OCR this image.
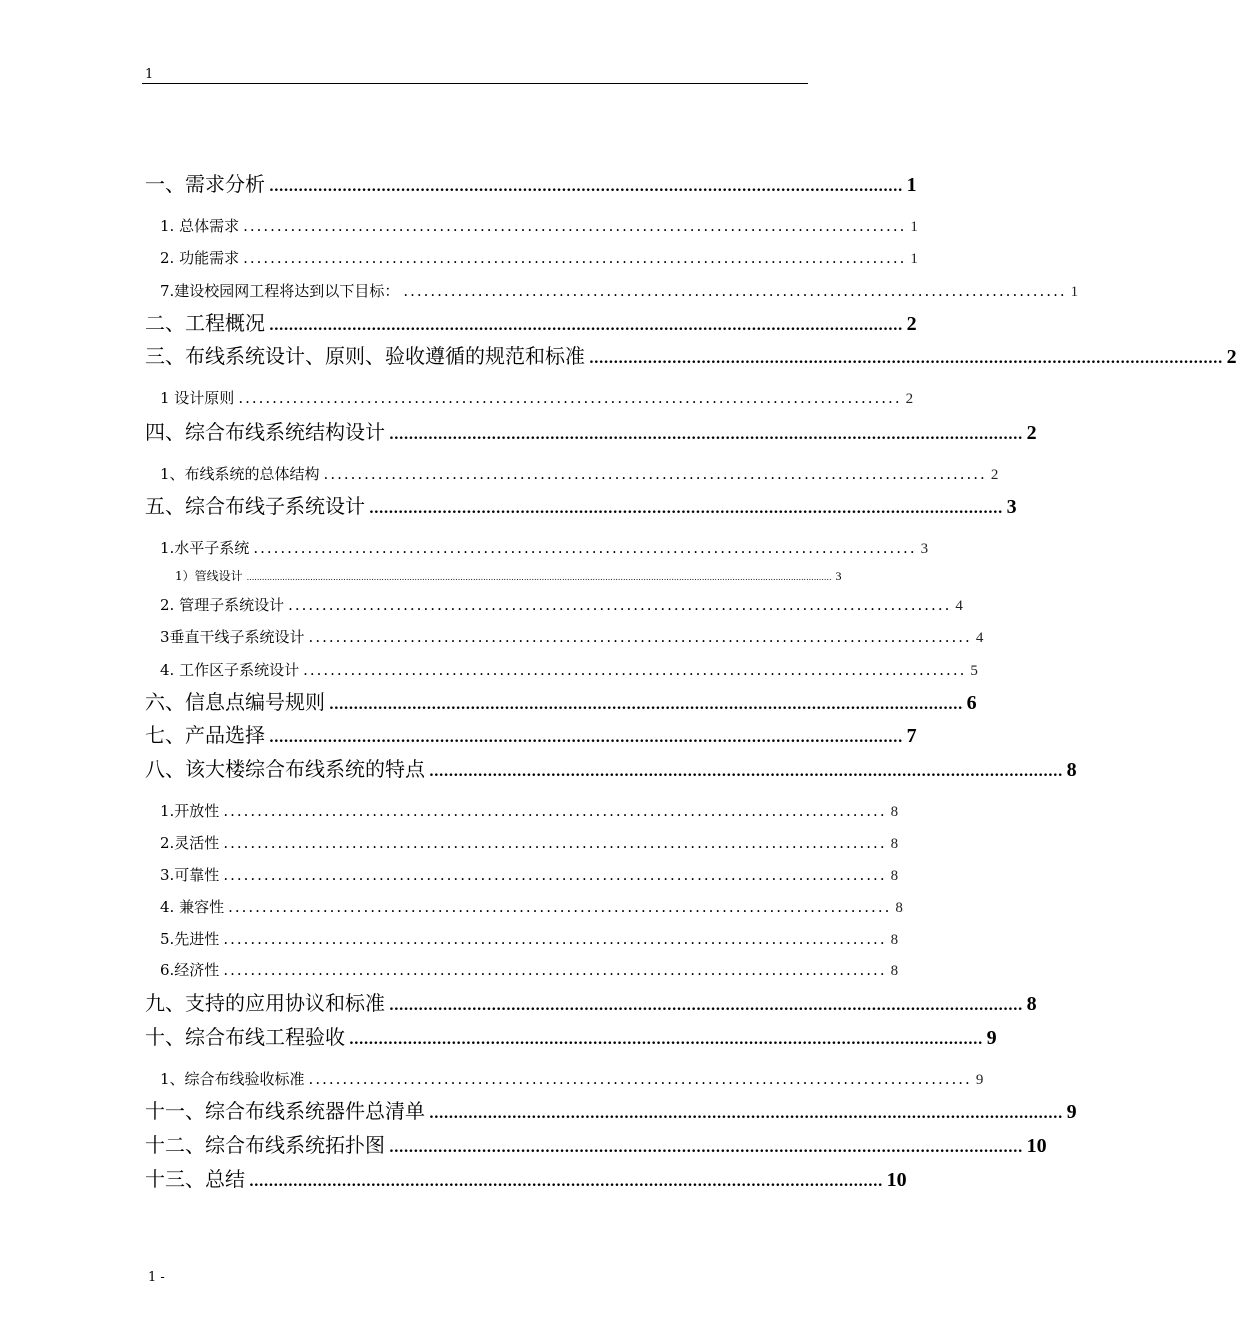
1
一、需求分析 .................................................................................................................................. 1
1. 总体需求 .................................................................................................. 1
2. 功能需求 .................................................................................................. 1
7.建设校园网工程将达到以下目标： .................................................................................................. 1
二、工程概况 .................................................................................................................................. 2
三、布线系统设计、原则、验收遵循的规范和标准 .................................................................................................................................. 2
1 设计原则 .................................................................................................. 2
四、综合布线系统结构设计 .................................................................................................................................. 2
1、布线系统的总体结构 .................................................................................................. 2
五、综合布线子系统设计 .................................................................................................................................. 3
1.水平子系统 .................................................................................................. 3
1）管线设计 ...................................................................................................................................................................................................................................... 3
2. 管理子系统设计 .................................................................................................. 4
3垂直干线子系统设计 .................................................................................................. 4
4. 工作区子系统设计 .................................................................................................. 5
六、信息点编号规则 .................................................................................................................................. 6
七、产品选择 .................................................................................................................................. 7
八、该大楼综合布线系统的特点 .................................................................................................................................. 8
1.开放性 .................................................................................................. 8
2.灵活性 .................................................................................................. 8
3.可靠性 .................................................................................................. 8
4. 兼容性 .................................................................................................. 8
5.先进性 .................................................................................................. 8
6.经济性 .................................................................................................. 8
九、支持的应用协议和标准 .................................................................................................................................. 8
十、综合布线工程验收 .................................................................................................................................. 9
1、综合布线验收标准 .................................................................................................. 9
十一、综合布线系统器件总清单 .................................................................................................................................. 9
十二、综合布线系统拓扑图 .................................................................................................................................. 10
十三、总结 .................................................................................................................................. 10
1 -
